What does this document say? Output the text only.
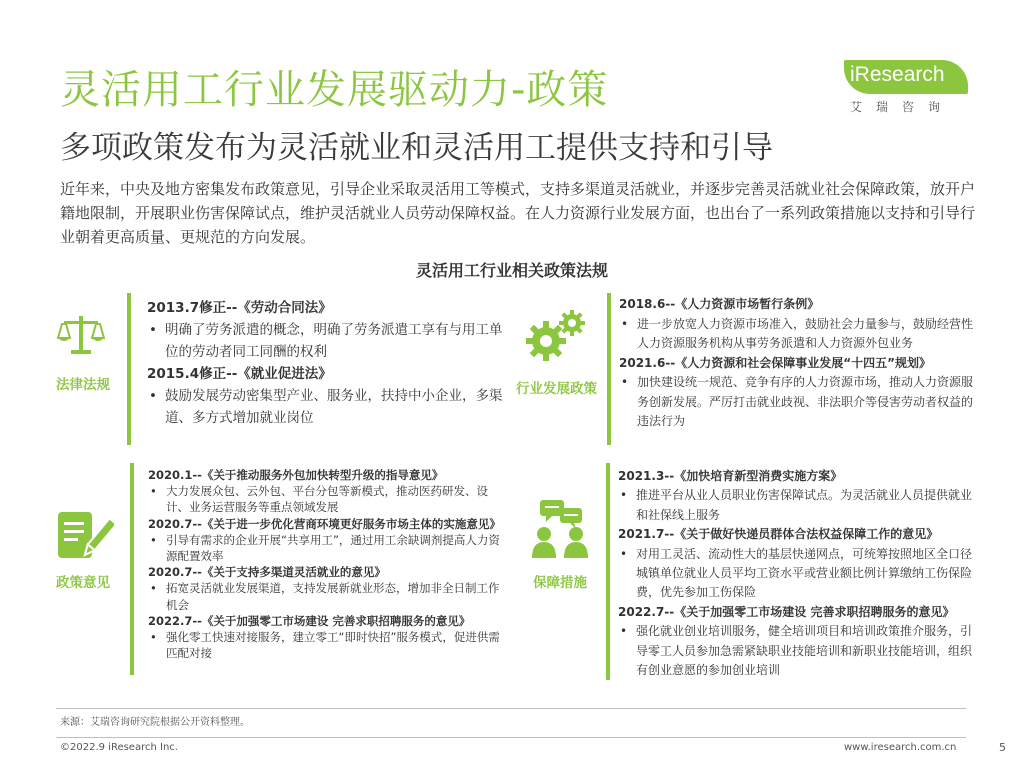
灵活用工行业发展驱动力-政策
多项政策发布为灵活就业和灵活用工提供支持和引导
iResearch
艾瑞咨询
近年来，中央及地方密集发布政策意见，引导企业采取灵活用工等模式，支持多渠道灵活就业，并逐步完善灵活就业社会保障政策，放开户籍地限制，开展职业伤害保障试点，维护灵活就业人员劳动保障权益。在人力资源行业发展方面，也出台了一系列政策措施以支持和引导行业朝着更高质量、更规范的方向发展。
灵活用工行业相关政策法规
法律法规
2013.7修正--《劳动合同法》
• 明确了劳务派遣的概念，明确了劳务派遣工享有与用工单位的劳动者同工同酬的权利
2015.4修正--《就业促进法》
• 鼓励发展劳动密集型产业、服务业，扶持中小企业，多渠道、多方式增加就业岗位
行业发展政策
2018.6--《人力资源市场暂行条例》
• 进一步放宽人力资源市场准入，鼓励社会力量参与，鼓励经营性人力资源服务机构从事劳务派遣和人力资源外包业务
2021.6--《人力资源和社会保障事业发展“十四五”规划》
• 加快建设统一规范、竞争有序的人力资源市场，推动人力资源服务创新发展。严厉打击就业歧视、非法职介等侵害劳动者权益的违法行为
政策意见
2020.1--《关于推动服务外包加快转型升级的指导意见》
• 大力发展众包、云外包、平台分包等新模式，推动医药研发、设计、业务运营服务等重点领域发展
2020.7--《关于进一步优化营商环境更好服务市场主体的实施意见》
• 引导有需求的企业开展“共享用工”，通过用工余缺调剂提高人力资源配置效率
2020.7--《关于支持多渠道灵活就业的意见》
• 拓宽灵活就业发展渠道，支持发展新就业形态，增加非全日制工作机会
2022.7--《关于加强零工市场建设 完善求职招聘服务的意见》
• 强化零工快速对接服务，建立零工“即时快招”服务模式，促进供需匹配对接
保障措施
2021.3--《加快培育新型消费实施方案》
• 推进平台从业人员职业伤害保障试点。为灵活就业人员提供就业和社保线上服务
2021.7--《关于做好快递员群体合法权益保障工作的意见》
• 对用工灵活、流动性大的基层快递网点，可统筹按照地区全口径城镇单位就业人员平均工资水平或营业额比例计算缴纳工伤保险费，优先参加工伤保险
2022.7--《关于加强零工市场建设 完善求职招聘服务的意见》
• 强化就业创业培训服务，健全培训项目和培训政策推介服务，引导零工人员参加急需紧缺职业技能培训和新职业技能培训，组织有创业意愿的参加创业培训
来源：艾瑞咨询研究院根据公开资料整理。
©2022.9 iResearch Inc.	www.iresearch.com.cn	5
